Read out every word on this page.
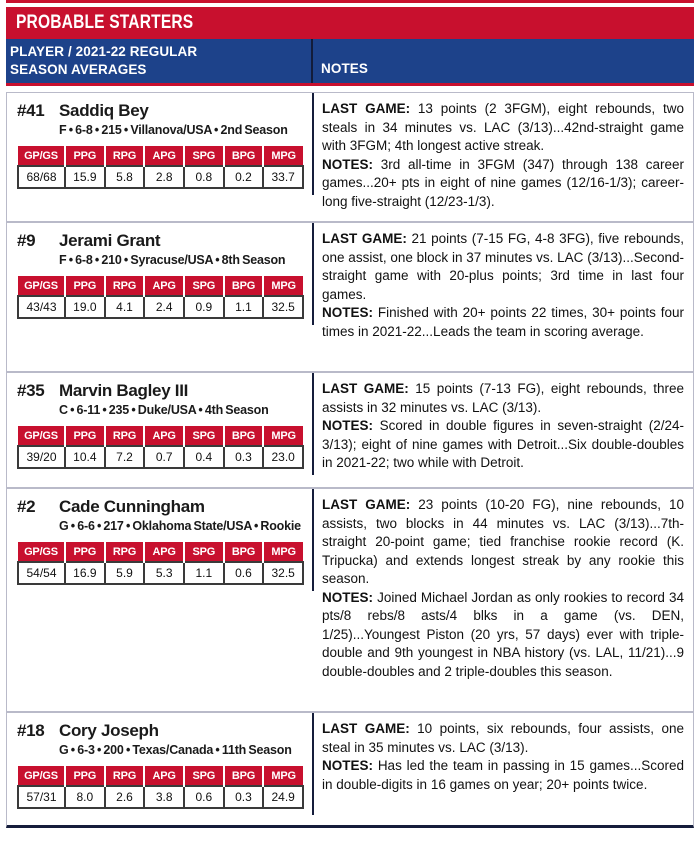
PROBABLE STARTERS
PLAYER / 2021-22 REGULAR SEASON AVERAGES	NOTES
#41 Saddiq Bey
F • 6-8 • 215 • Villanova/USA • 2nd Season
GP/GS	PPG	RPG	APG	SPG	BPG	MPG
68/68	15.9	5.8	2.8	0.8	0.2	33.7

LAST GAME: 13 points (2 3FGM), eight rebounds, two steals in 34 minutes vs. LAC (3/13)...42nd-straight game with 3FGM; 4th longest active streak.

NOTES: 3rd all-time in 3FGM (347) through 138 career games...20+ pts in eight of nine games (12/16-1/3); career-long five-straight (12/23-1/3).

#9	Jerami Grant
F • 6-8 • 210 • Syracuse/USA • 8th Season
GP/GS	PPG	RPG	APG	SPG	BPG	MPG
43/43	19.0	4.1	2.4	0.9	1.1	32.5

LAST GAME: 21 points (7-15 FG, 4-8 3FG), five rebounds, one assist, one block in 37 minutes vs. LAC (3/13)...Second-straight game with 20-plus points; 3rd time in last four games.

NOTES: Finished with 20+ points 22 times, 30+ points four times in 2021-22...Leads the team in scoring average.

#35 Marvin Bagley III
C • 6-11 • 235 • Duke/USA • 4th Season
GP/GS	PPG	RPG	APG	SPG	BPG	MPG
39/20	10.4	7.2	0.7	0.4	0.3	23.0

LAST GAME: 15 points (7-13 FG), eight rebounds, three assists in 32 minutes vs. LAC (3/13).

NOTES: Scored in double figures in seven-straight (2/24-3/13); eight of nine games with Detroit...Six double-doubles in 2021-22; two while with Detroit.

#2	Cade Cunningham
G • 6-6 • 217 • Oklahoma State/USA • Rookie
GP/GS	PPG	RPG	APG	SPG	BPG	MPG
54/54	16.9	5.9	5.3	1.1	0.6	32.5

LAST GAME: 23 points (10-20 FG), nine rebounds, 10 assists, two blocks in 44 minutes vs. LAC (3/13)...7th-straight 20-point game; tied franchise rookie record (K. Tripucka) and extends longest streak by any rookie this season.

NOTES: Joined Michael Jordan as only rookies to record 34 pts/8 rebs/8 asts/4 blks in a game (vs. DEN, 1/25)...Youngest Piston (20 yrs, 57 days) ever with triple-double and 9th youngest in NBA history (vs. LAL, 11/21)...9 double-doubles and 2 triple-doubles this season.

#18 Cory Joseph
G • 6-3 • 200 • Texas/Canada • 11th Season
GP/GS	PPG	RPG	APG	SPG	BPG	MPG
57/31	8.0	2.6	3.8	0.6	0.3	24.9

LAST GAME: 10 points, six rebounds, four assists, one steal in 35 minutes vs. LAC (3/13).

NOTES: Has led the team in passing in 15 games...Scored in double-digits in 16 games on year; 20+ points twice.
